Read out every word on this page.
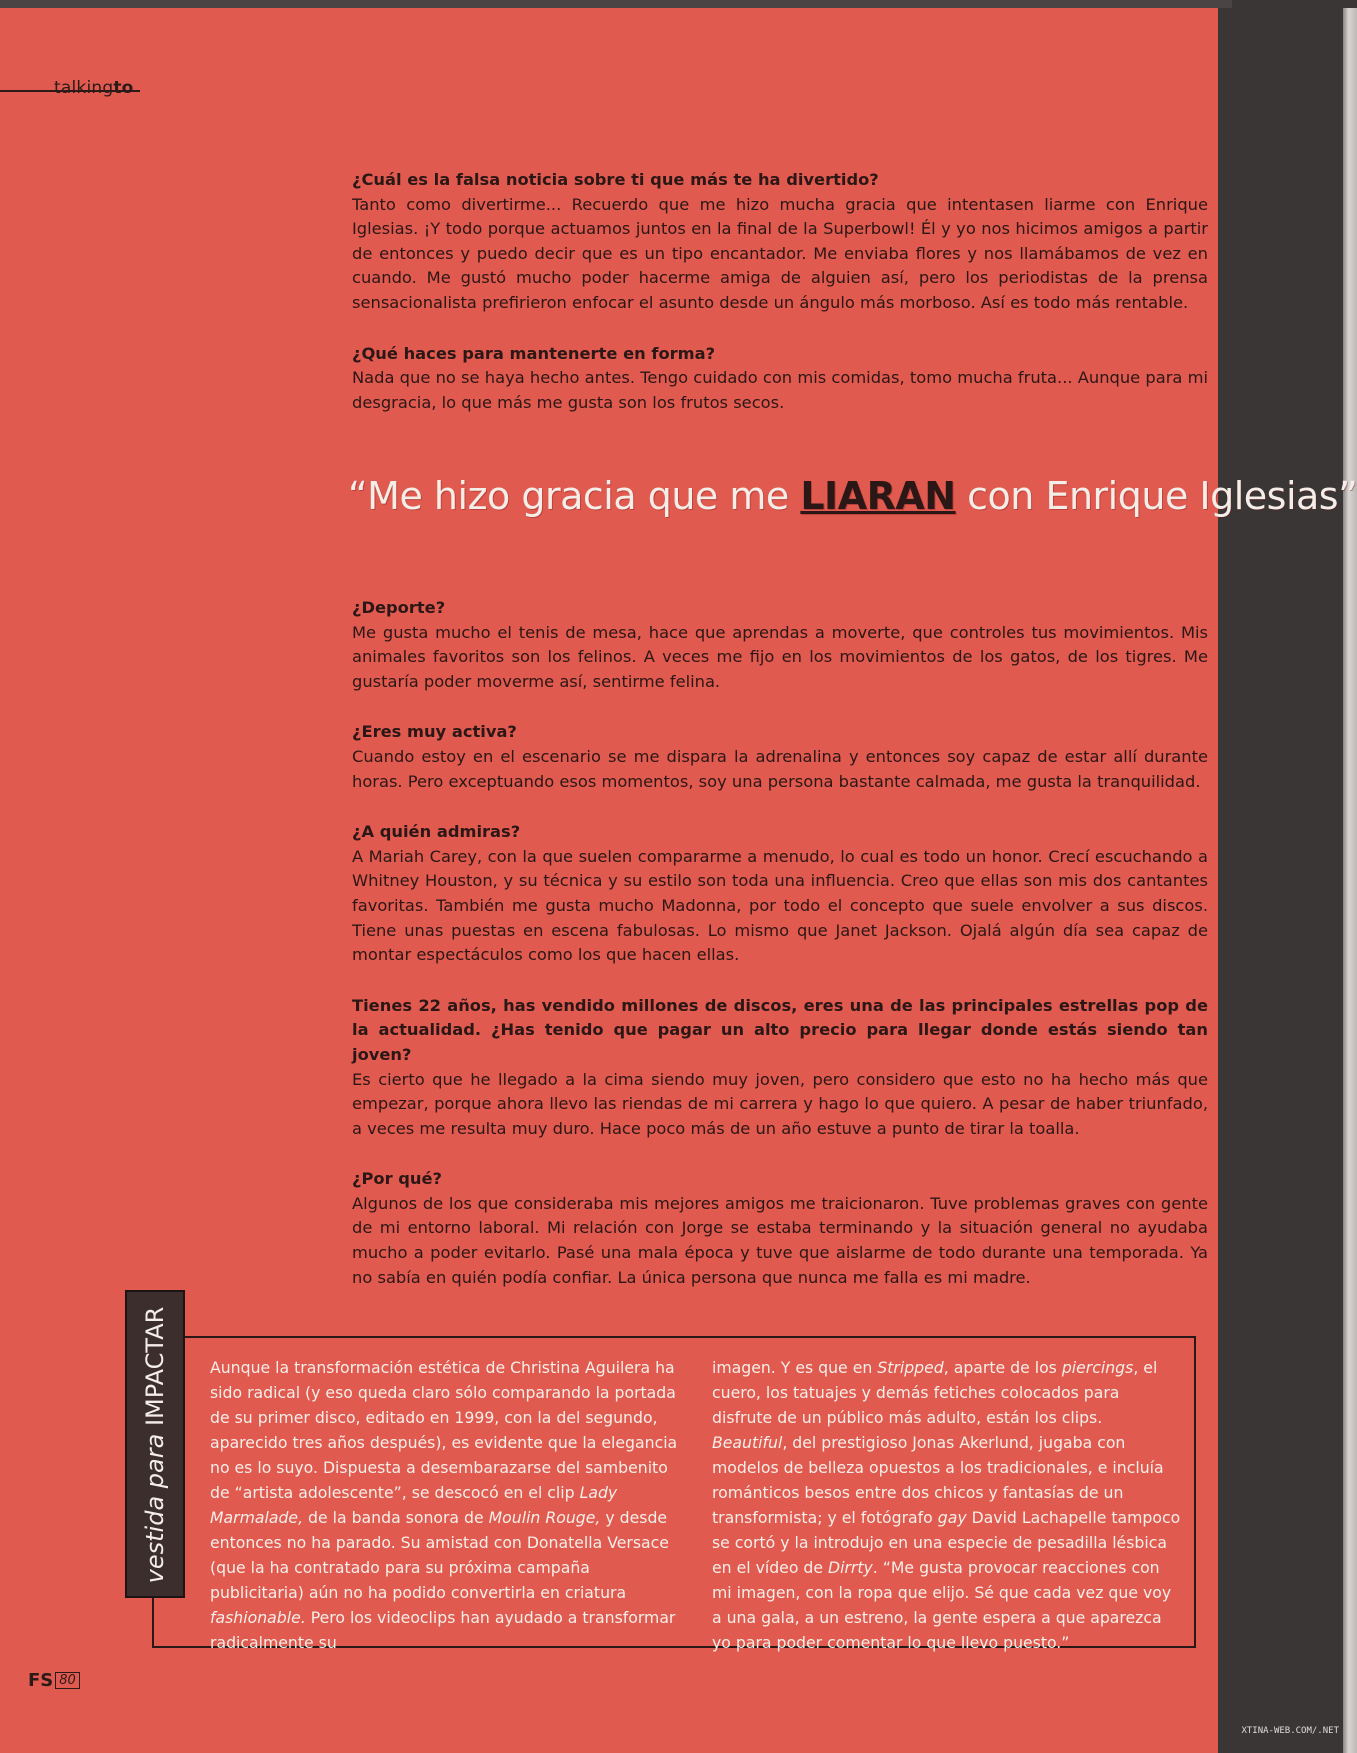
talkingto

¿Cuál es la falsa noticia sobre ti que más te ha divertido?

Tanto como divertirme... Recuerdo que me hizo mucha gracia que intentasen liarme con Enrique Iglesias. ¡Y todo porque actuamos juntos en la final de la Superbowl! Él y yo nos hicimos amigos a partir de entonces y puedo decir que es un tipo encantador. Me enviaba flores y nos llamábamos de vez en cuando. Me gustó mucho poder hacerme amiga de alguien así, pero los periodistas de la prensa sensacionalista prefirieron enfocar el asunto desde un ángulo más morboso. Así es todo más rentable.

¿Qué haces para mantenerte en forma?

Nada que no se haya hecho antes. Tengo cuidado con mis comidas, tomo mucha fruta... Aunque para mi desgracia, lo que más me gusta son los frutos secos.

“Me hizo gracia que me LIARAN con Enrique Iglesias”

¿Deporte?

Me gusta mucho el tenis de mesa, hace que aprendas a moverte, que controles tus movimientos. Mis animales favoritos son los felinos. A veces me fijo en los movimientos de los gatos, de los tigres. Me gustaría poder moverme así, sentirme felina.

¿Eres muy activa?

Cuando estoy en el escenario se me dispara la adrenalina y entonces soy capaz de estar allí durante horas. Pero exceptuando esos momentos, soy una persona bastante calmada, me gusta la tranquilidad.

¿A quién admiras?

A Mariah Carey, con la que suelen compararme a menudo, lo cual es todo un honor. Crecí escuchando a Whitney Houston, y su técnica y su estilo son toda una influencia. Creo que ellas son mis dos cantantes favoritas. También me gusta mucho Madonna, por todo el concepto que suele envolver a sus discos. Tiene unas puestas en escena fabulosas. Lo mismo que Janet Jackson. Ojalá algún día sea capaz de montar espectáculos como los que hacen ellas.

Tienes 22 años, has vendido millones de discos, eres una de las principales estrellas pop de la actualidad. ¿Has tenido que pagar un alto precio para llegar donde estás siendo tan joven?

Es cierto que he llegado a la cima siendo muy joven, pero considero que esto no ha hecho más que empezar, porque ahora llevo las riendas de mi carrera y hago lo que quiero. A pesar de haber triunfado, a veces me resulta muy duro. Hace poco más de un año estuve a punto de tirar la toalla.

¿Por qué?

Algunos de los que consideraba mis mejores amigos me traicionaron. Tuve problemas graves con gente de mi entorno laboral. Mi relación con Jorge se estaba terminando y la situación general no ayudaba mucho a poder evitarlo. Pasé una mala época y tuve que aislarme de todo durante una temporada. Ya no sabía en quién podía confiar. La única persona que nunca me falla es mi madre.

vestida para IMPACTAR	Aunque la transformación estética de Christina Aguilera ha sido radical (y eso queda claro sólo comparando la portada de su primer disco, editado en 1999, con la del segundo, aparecido tres años después), es evidente que la elegancia no es lo suyo. Dispuesta a desembarazarse del sambenito de “artista adolescente”, se descocó en el clip Lady Marmalade, de la banda sonora de Moulin Rouge, y desde entonces no ha parado. Su amistad con Donatella Versace (que la ha contratado para su próxima campaña publicitaria) aún no ha podido convertirla en criatura fashionable. Pero los videoclips han ayudado a transformar radicalmente su
imagen. Y es que en Stripped, aparte de los piercings, el cuero, los tatuajes y demás fetiches colocados para disfrute de un público más adulto, están los clips. Beautiful, del prestigioso Jonas Akerlund, jugaba con modelos de belleza opuestos a los tradicionales, e incluía románticos besos entre dos chicos y fantasías de un transformista; y el fotógrafo gay David Lachapelle tampoco se cortó y la introdujo en una especie de pesadilla lésbica en el vídeo de Dirrty. “Me gusta provocar reacciones con mi imagen, con la ropa que elijo. Sé que cada vez que voy a una gala, a un estreno, la gente espera a que aparezca yo para poder comentar lo que llevo puesto.”
FS 80
XTINA-WEB.COM/.NET
